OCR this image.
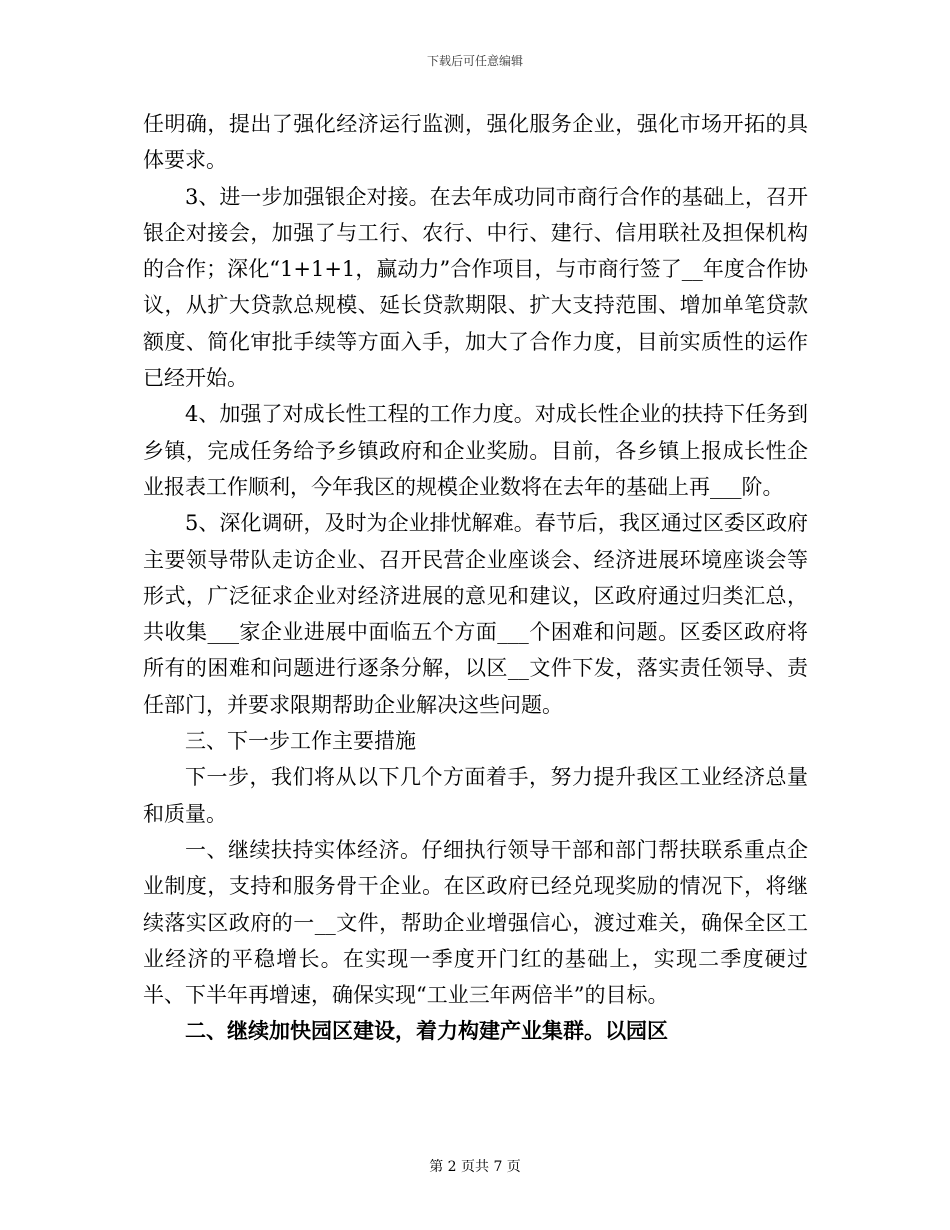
下载后可任意编辑

任明确，提出了强化经济运行监测，强化服务企业，强化市场开拓的具体要求。

3、进一步加强银企对接。在去年成功同市商行合作的基础上，召开银企对接会，加强了与工行、农行、中行、建行、信用联社及担保机构的合作；深化“1+1+1，赢动力”合作项目，与市商行签了__年度合作协议，从扩大贷款总规模、延长贷款期限、扩大支持范围、增加单笔贷款额度、简化审批手续等方面入手，加大了合作力度，目前实质性的运作已经开始。

4、加强了对成长性工程的工作力度。对成长性企业的扶持下任务到乡镇，完成任务给予乡镇政府和企业奖励。目前，各乡镇上报成长性企业报表工作顺利，今年我区的规模企业数将在去年的基础上再___阶。

5、深化调研，及时为企业排忧解难。春节后，我区通过区委区政府主要领导带队走访企业、召开民营企业座谈会、经济进展环境座谈会等形式，广泛征求企业对经济进展的意见和建议，区政府通过归类汇总，共收集___家企业进展中面临五个方面___个困难和问题。区委区政府将所有的困难和问题进行逐条分解，以区__文件下发，落实责任领导、责任部门，并要求限期帮助企业解决这些问题。

三、下一步工作主要措施

下一步，我们将从以下几个方面着手，努力提升我区工业经济总量和质量。

一、继续扶持实体经济。仔细执行领导干部和部门帮扶联系重点企业制度，支持和服务骨干企业。在区政府已经兑现奖励的情况下，将继续落实区政府的一__文件，帮助企业增强信心，渡过难关，确保全区工业经济的平稳增长。在实现一季度开门红的基础上，实现二季度硬过半、下半年再增速，确保实现“工业三年两倍半”的目标。

二、继续加快园区建设，着力构建产业集群。以园区

第 2 页共 7 页
